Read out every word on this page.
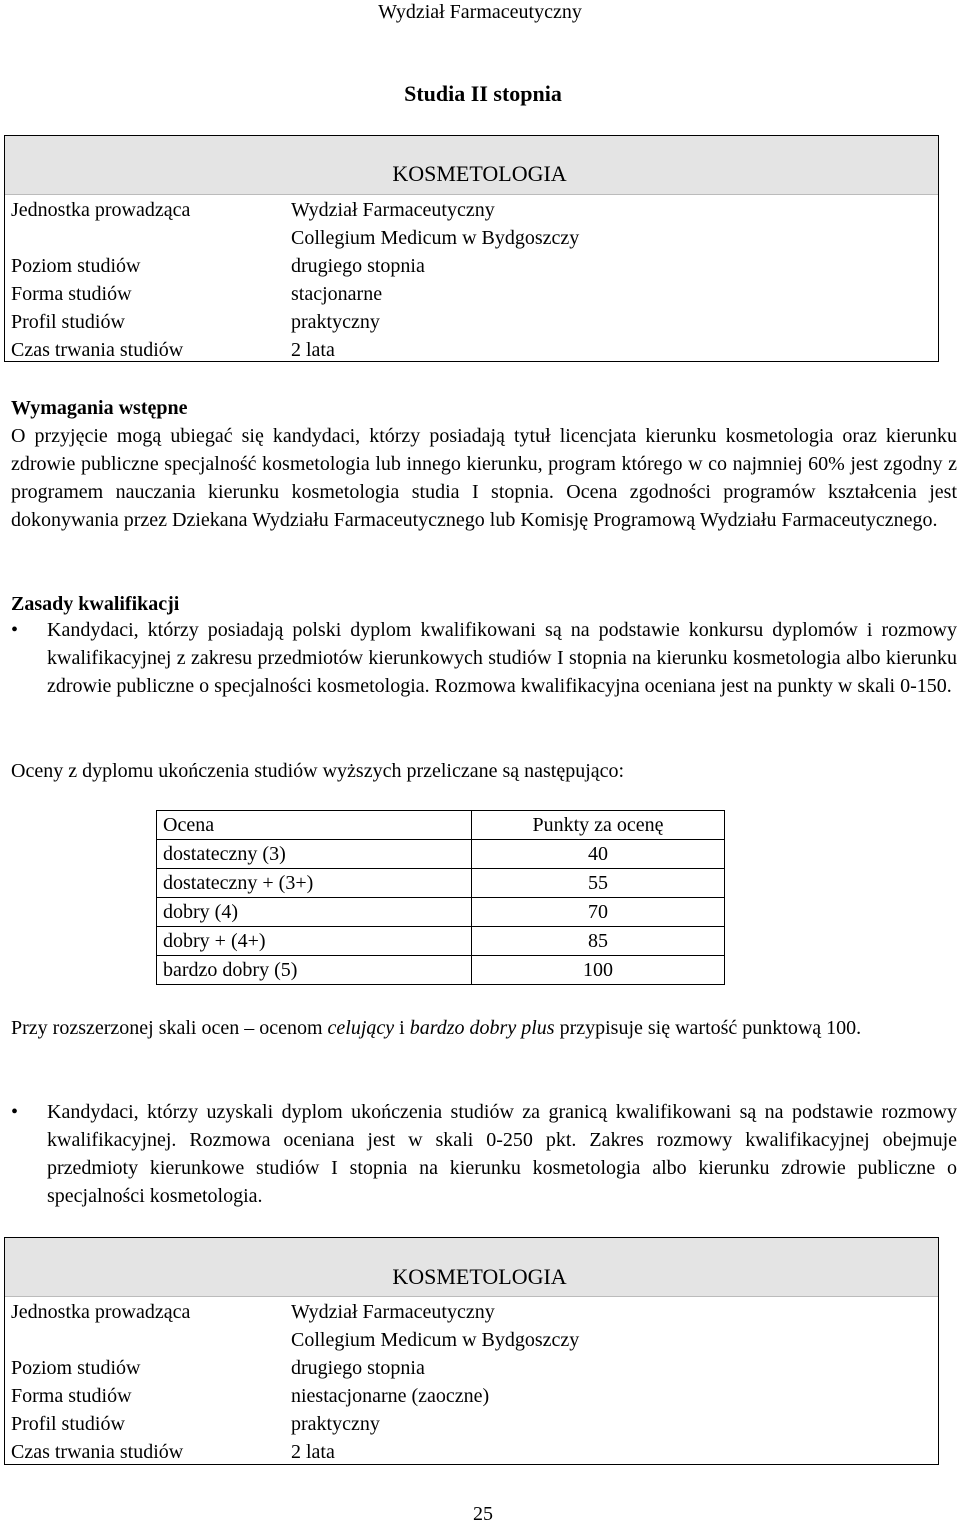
Wydział Farmaceutyczny
Studia II stopnia
KOSMETOLOGIA
Jednostka prowadząca	Wydział Farmaceutyczny
	Collegium Medicum w Bydgoszczy
Poziom studiów	drugiego stopnia
Forma studiów	stacjonarne
Profil studiów	praktyczny
Czas trwania studiów	2 lata
Wymagania wstępne
O przyjęcie mogą ubiegać się kandydaci, którzy posiadają tytuł licencjata kierunku kosmetologia oraz kierunku zdrowie publiczne specjalność kosmetologia lub innego kierunku, program którego w co najmniej 60% jest zgodny z programem nauczania kierunku kosmetologia studia I stopnia. Ocena zgodności programów kształcenia jest dokonywania przez Dziekana Wydziału Farmaceutycznego lub Komisję Programową Wydziału Farmaceutycznego.
Zasady kwalifikacji
• Kandydaci, którzy posiadają polski dyplom kwalifikowani są na podstawie konkursu dyplomów i rozmowy kwalifikacyjnej z zakresu przedmiotów kierunkowych studiów I stopnia na kierunku kosmetologia albo kierunku zdrowie publiczne o specjalności kosmetologia. Rozmowa kwalifikacyjna oceniana jest na punkty w skali 0-150.
Oceny z dyplomu ukończenia studiów wyższych przeliczane są następująco:
Ocena	Punkty za ocenę
dostateczny (3)	40
dostateczny + (3+)	55
dobry (4)	70
dobry + (4+)	85
bardzo dobry (5)	100
Przy rozszerzonej skali ocen – ocenom celujący i bardzo dobry plus przypisuje się wartość punktową 100.
• Kandydaci, którzy uzyskali dyplom ukończenia studiów za granicą kwalifikowani są na podstawie rozmowy kwalifikacyjnej. Rozmowa oceniana jest w skali 0-250 pkt. Zakres rozmowy kwalifikacyjnej obejmuje przedmioty kierunkowe studiów I stopnia na kierunku kosmetologia albo kierunku zdrowie publiczne o specjalności kosmetologia.
KOSMETOLOGIA
Jednostka prowadząca	Wydział Farmaceutyczny
	Collegium Medicum w Bydgoszczy
Poziom studiów	drugiego stopnia
Forma studiów	niestacjonarne (zaoczne)
Profil studiów	praktyczny
Czas trwania studiów	2 lata
25
